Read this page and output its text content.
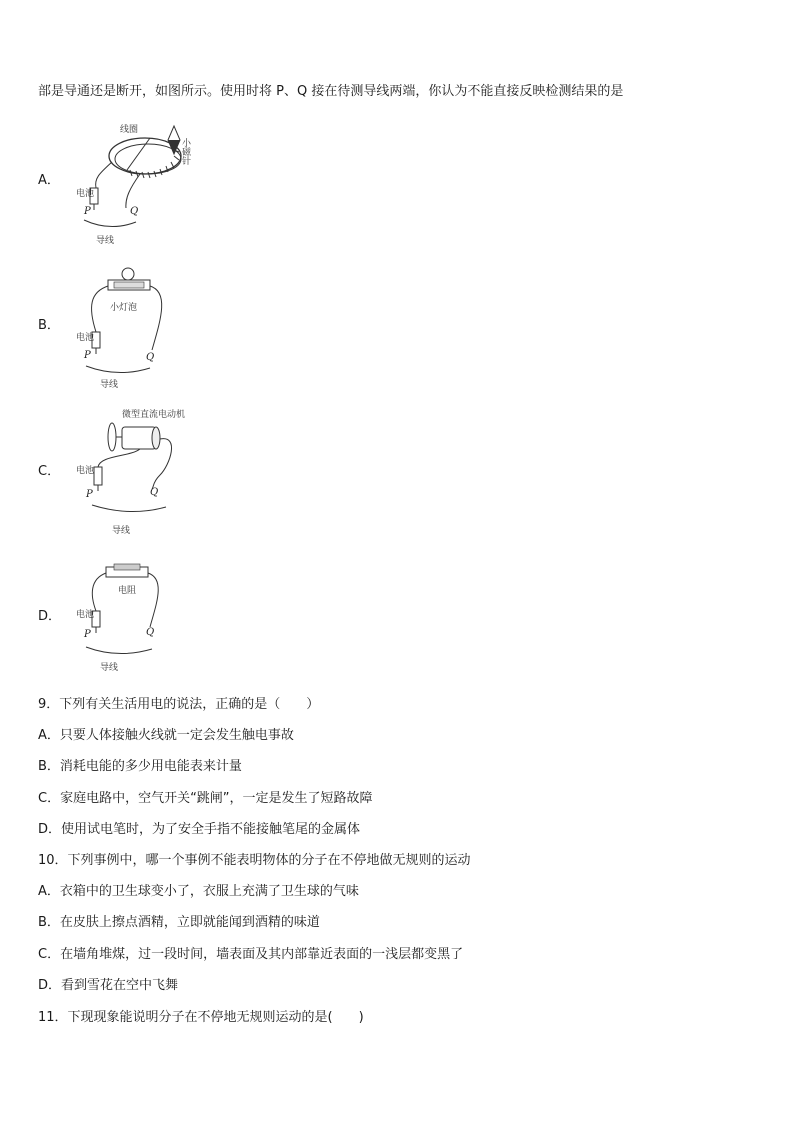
部是导通还是断开，如图所示。使用时将 P、Q 接在待测导线两端，你认为不能直接反映检测结果的是
A．
线圈
小磁针
电池
P	Q
导线
B．
小灯泡
电池
P	Q
导线
C．
微型直流电动机
电池
P	Q
导线
D．
电阻
电池
P	Q
导线
9．下列有关生活用电的说法，正确的是（　　）
A．只要人体接触火线就一定会发生触电事故
B．消耗电能的多少用电能表来计量
C．家庭电路中，空气开关“跳闸”，一定是发生了短路故障
D．使用试电笔时，为了安全手指不能接触笔尾的金属体
10．下列事例中，哪一个事例不能表明物体的分子在不停地做无规则的运动
A．衣箱中的卫生球变小了，衣服上充满了卫生球的气味
B．在皮肤上擦点酒精，立即就能闻到酒精的味道
C．在墙角堆煤，过一段时间，墙表面及其内部靠近表面的一浅层都变黑了
D．看到雪花在空中飞舞
11．下现现象能说明分子在不停地无规则运动的是(　　)
